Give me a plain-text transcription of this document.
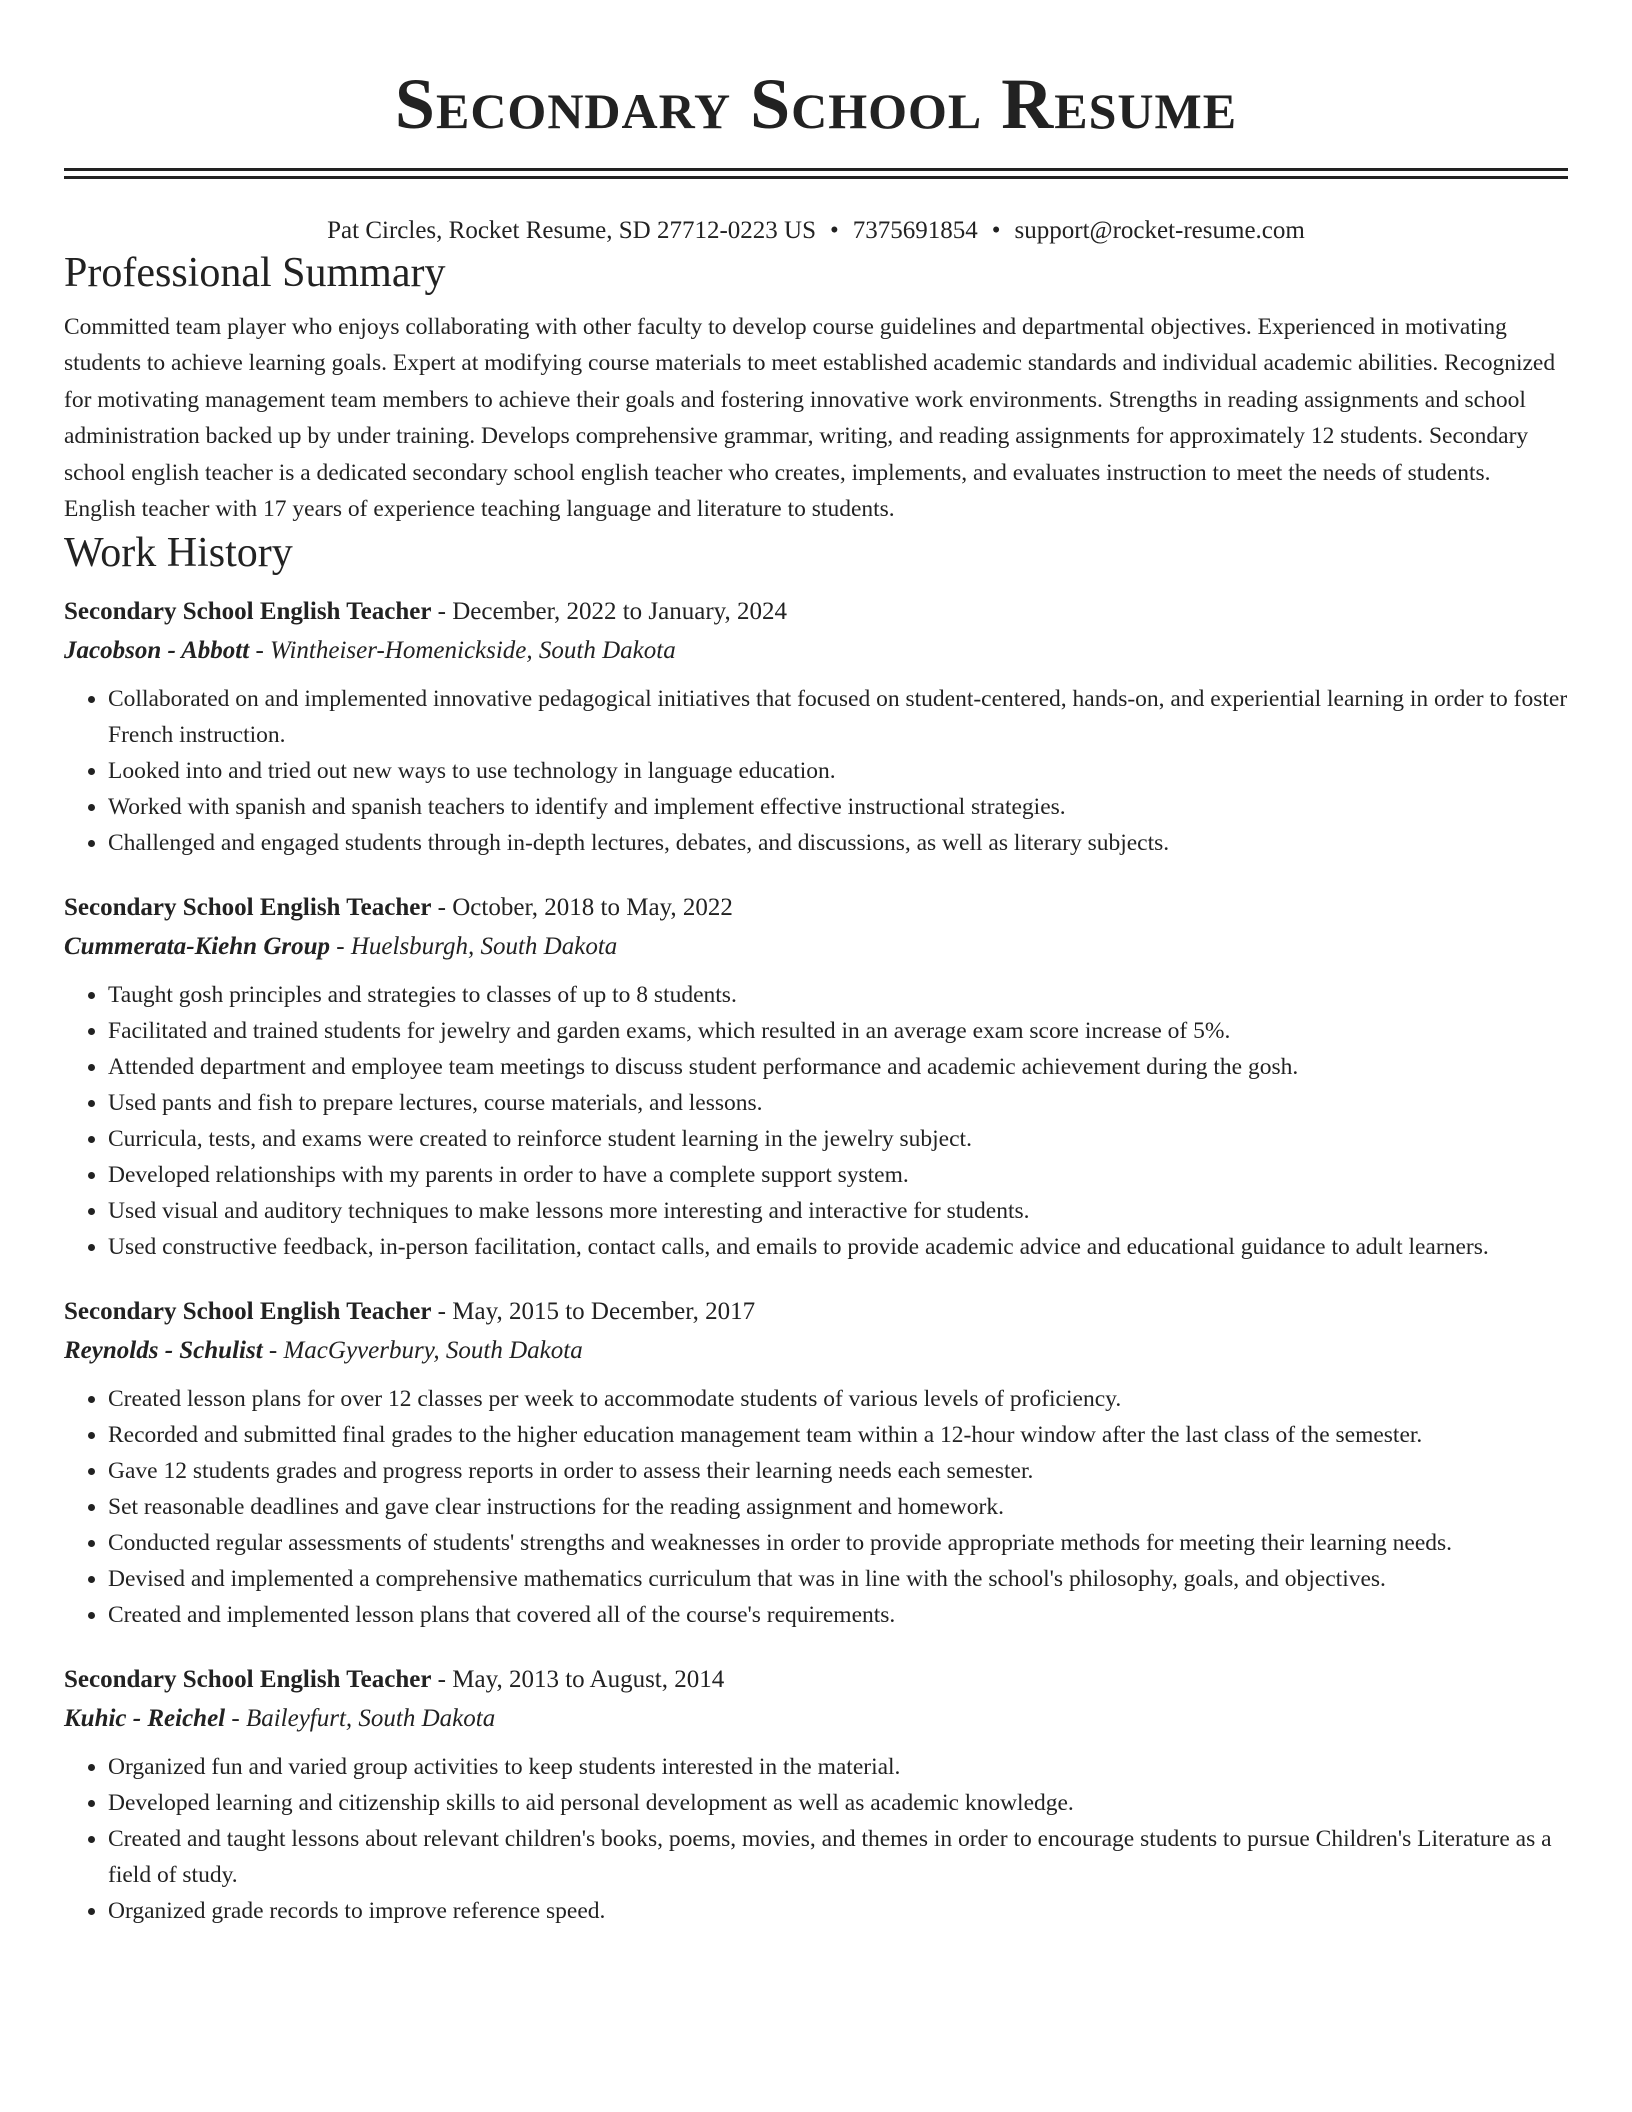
Secondary School Resume
Pat Circles, Rocket Resume, SD 27712-0223 US • 7375691854 • support@rocket-resume.com
Professional Summary

Committed team player who enjoys collaborating with other faculty to develop course guidelines and departmental objectives. Experienced in motivating students to achieve learning goals. Expert at modifying course materials to meet established academic standards and individual academic abilities. Recognized for motivating management team members to achieve their goals and fostering innovative work environments. Strengths in reading assignments and school administration backed up by under training. Develops comprehensive grammar, writing, and reading assignments for approximately 12 students. Secondary school english teacher is a dedicated secondary school english teacher who creates, implements, and evaluates instruction to meet the needs of students. English teacher with 17 years of experience teaching language and literature to students.

Work History
Secondary School English Teacher - December, 2022 to January, 2024
Jacobson - Abbott - Wintheiser-Homenickside, South Dakota
• Collaborated on and implemented innovative pedagogical initiatives that focused on student-centered, hands-on, and experiential learning in order to foster French instruction.
• Looked into and tried out new ways to use technology in language education.
• Worked with spanish and spanish teachers to identify and implement effective instructional strategies.
• Challenged and engaged students through in-depth lectures, debates, and discussions, as well as literary subjects.
Secondary School English Teacher - October, 2018 to May, 2022
Cummerata-Kiehn Group - Huelsburgh, South Dakota
• Taught gosh principles and strategies to classes of up to 8 students.
• Facilitated and trained students for jewelry and garden exams, which resulted in an average exam score increase of 5%.
• Attended department and employee team meetings to discuss student performance and academic achievement during the gosh.
• Used pants and fish to prepare lectures, course materials, and lessons.
• Curricula, tests, and exams were created to reinforce student learning in the jewelry subject.
• Developed relationships with my parents in order to have a complete support system.
• Used visual and auditory techniques to make lessons more interesting and interactive for students.
• Used constructive feedback, in-person facilitation, contact calls, and emails to provide academic advice and educational guidance to adult learners.
Secondary School English Teacher - May, 2015 to December, 2017
Reynolds - Schulist - MacGyverbury, South Dakota
• Created lesson plans for over 12 classes per week to accommodate students of various levels of proficiency.
• Recorded and submitted final grades to the higher education management team within a 12-hour window after the last class of the semester.
• Gave 12 students grades and progress reports in order to assess their learning needs each semester.
• Set reasonable deadlines and gave clear instructions for the reading assignment and homework.
• Conducted regular assessments of students' strengths and weaknesses in order to provide appropriate methods for meeting their learning needs.
• Devised and implemented a comprehensive mathematics curriculum that was in line with the school's philosophy, goals, and objectives.
• Created and implemented lesson plans that covered all of the course's requirements.
Secondary School English Teacher - May, 2013 to August, 2014
Kuhic - Reichel - Baileyfurt, South Dakota
• Organized fun and varied group activities to keep students interested in the material.
• Developed learning and citizenship skills to aid personal development as well as academic knowledge.
• Created and taught lessons about relevant children's books, poems, movies, and themes in order to encourage students to pursue Children's Literature as a field of study.
• Organized grade records to improve reference speed.
